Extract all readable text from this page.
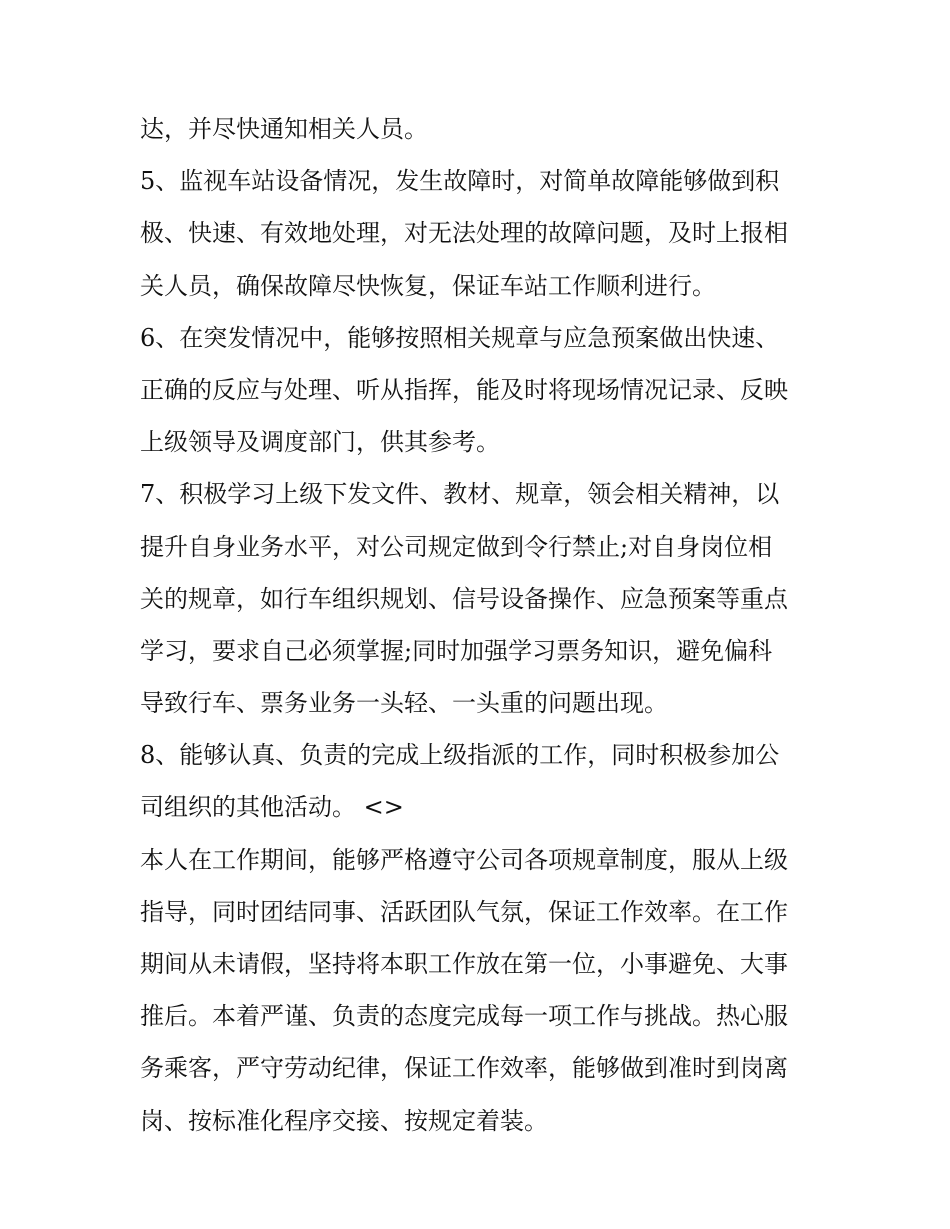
达，并尽快通知相关人员。
5、监视车站设备情况，发生故障时，对简单故障能够做到积
极、快速、有效地处理，对无法处理的故障问题，及时上报相
关人员，确保故障尽快恢复，保证车站工作顺利进行。
6、在突发情况中，能够按照相关规章与应急预案做出快速、
正确的反应与处理、听从指挥，能及时将现场情况记录、反映
上级领导及调度部门，供其参考。
7、积极学习上级下发文件、教材、规章，领会相关精神，以
提升自身业务水平，对公司规定做到令行禁止;对自身岗位相
关的规章，如行车组织规划、信号设备操作、应急预案等重点
学习，要求自己必须掌握;同时加强学习票务知识，避免偏科
导致行车、票务业务一头轻、一头重的问题出现。
8、能够认真、负责的完成上级指派的工作，同时积极参加公
司组织的其他活动。 <>
本人在工作期间，能够严格遵守公司各项规章制度，服从上级
指导，同时团结同事、活跃团队气氛，保证工作效率。在工作
期间从未请假，坚持将本职工作放在第一位，小事避免、大事
推后。本着严谨、负责的态度完成每一项工作与挑战。热心服
务乘客，严守劳动纪律，保证工作效率，能够做到准时到岗离
岗、按标准化程序交接、按规定着装。
